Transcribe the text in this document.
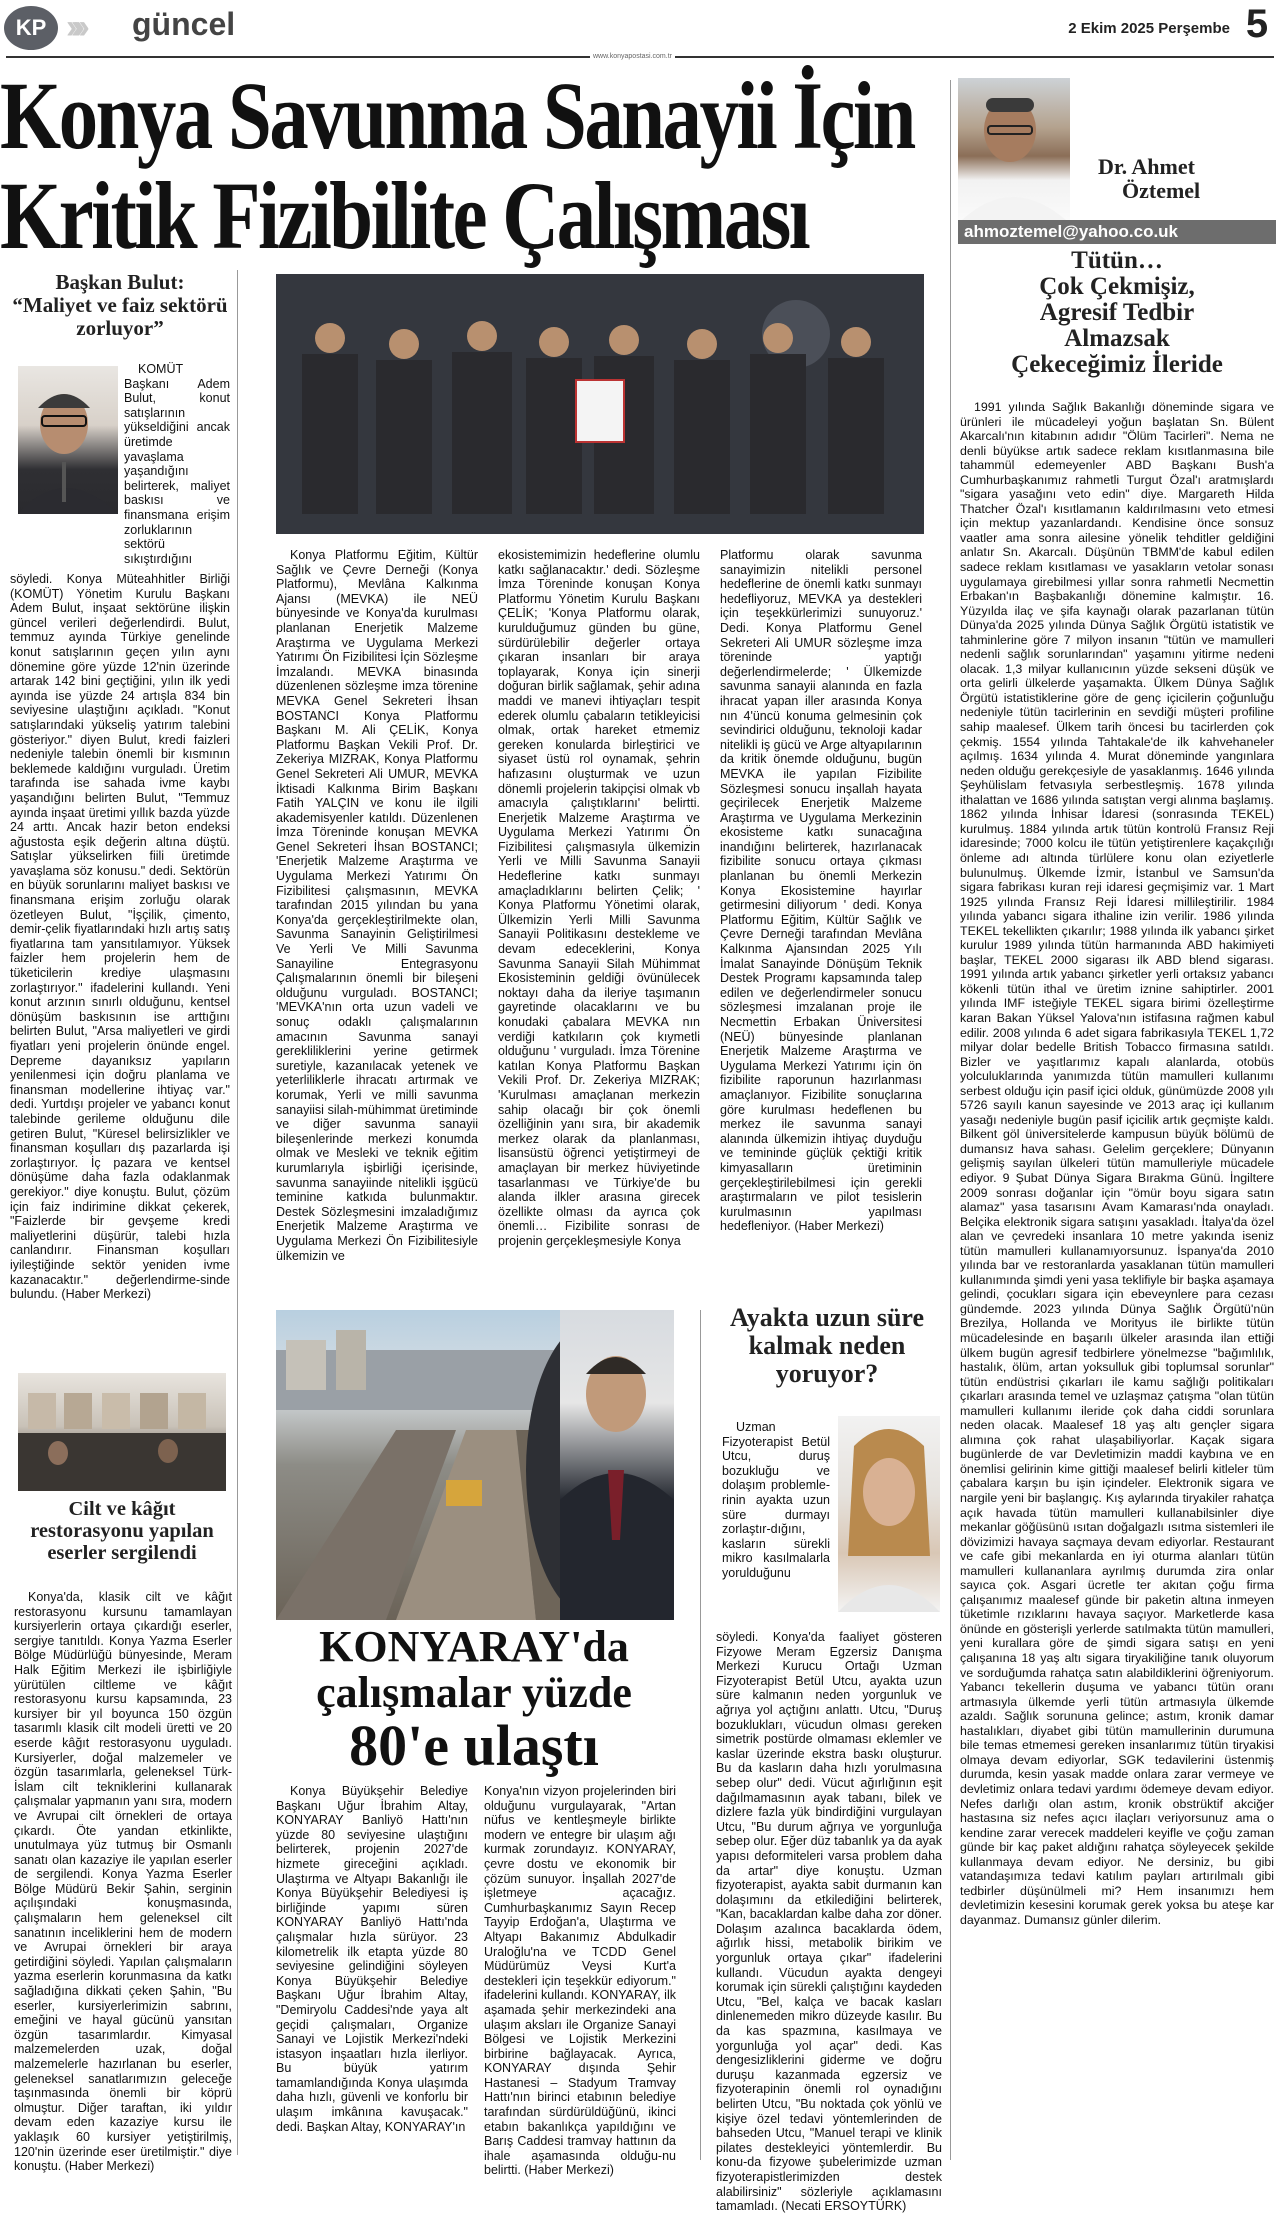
KP »»	güncel	2 Ekim 2025 Perşembe 5
www.konyapostasi.com.tr
Konya Savunma Sanayii İçin
Kritik Fizibilite Çalışması	Dr. Ahmet
Öztemel
ahmoztemel@yahoo.co.uk
Tütün…
Çok Çekmişiz,
Agresif Tedbir
Almazsak
Çekeceğimiz İleride

1991 yılında Sağlık Bakanlığı döneminde sigara ve ürünleri ile mücadeleyi yoğun başlatan Sn. Bülent Akarcalı'nın kitabının adıdır "Ölüm Tacirleri". Nema ne denli büyükse artık sadece reklam kısıtlanmasına bile tahammül edemeyenler ABD Başkanı Bush'a Cumhurbaşkanımız rahmetli Turgut Özal'ı aratmışlardı "sigara yasağını veto edin" diye. Margareth Hilda Thatcher Özal'ı kısıtlamanın kaldırılmasını veto etmesi için mektup yazanlardandı. Kendisine önce sonsuz vaatler ama sonra ailesine yönelik tehditler geldiğini anlatır Sn. Akarcalı. Düşünün TBMM'de kabul edilen sadece reklam kısıtlaması ve yasakların vetolar sonası uygulamaya girebilmesi yıllar sonra rahmetli Necmettin Erbakan'ın Başbakanlığı dönemine kalmıştır. 16. Yüzyılda ilaç ve şifa kaynağı olarak pazarlanan tütün Dünya'da 2025 yılında Dünya Sağlık Örgütü istatistik ve tahminlerine göre 7 milyon insanın "tütün ve mamulleri nedenli sağlık sorunlarından" yaşamını yitirme nedeni olacak. 1,3 milyar kullanıcının yüzde sekseni düşük ve orta gelirli ülkelerde yaşamakta. Ülkem Dünya Sağlık Örgütü istatistiklerine göre de genç içicilerin çoğunluğu nedeniyle tütün tacirlerinin en sevdiği müşteri profiline sahip maalesef. Ülkem tarih öncesi bu tacirlerden çok çekmiş. 1554 yılında Tahtakale'de ilk kahvehaneler açılmış. 1634 yılında 4. Murat döneminde yangınlara neden olduğu gerekçesiyle de yasaklanmış. 1646 yılında Şeyhülislam fetvasıyla serbestleşmiş. 1678 yılında ithalattan ve 1686 yılında satıştan vergi alınma başlamış. 1862 yılında İnhisar İdaresi (sonrasında TEKEL) kurulmuş. 1884 yılında artık tütün kontrolü Fransız Reji idaresinde; 7000 kolcu ile tütün yetiştirenlere kaçakçılığı önleme adı altında türlülere konu olan eziyetlerle bulunulmuş. Ülkemde İzmir, İstanbul ve Samsun'da sigara fabrikası kuran reji idaresi geçmişimiz var. 1 Mart 1925 yılında Fransız Reji İdaresi millileştirilir. 1984 yılında yabancı sigara ithaline izin verilir. 1986 yılında TEKEL tekellikten çıkarılır; 1988 yılında ilk yabancı şirket kurulur 1989 yılında tütün harmanında ABD hakimiyeti başlar, TEKEL 2000 sigarası ilk ABD blend sigarası. 1991 yılında artık yabancı şirketler yerli ortaksız yabancı kökenli tütün ithal ve üretim iznine sahiptirler. 2001 yılında IMF isteğiyle TEKEL sigara birimi özelleştirme karan Bakan Yüksel Yalova'nın istifasına rağmen kabul edilir. 2008 yılında 6 adet sigara fabrikasıyla TEKEL 1,72 milyar dolar bedelle British Tobacco firmasına satıldı. Bizler ve yaşıtlarımız kapalı alanlarda, otobüs yolculuklarında yanımızda tütün mamulleri kullanımı serbest olduğu için pasif içici olduk, günümüzde 2008 yılı 5726 sayılı kanun sayesinde ve 2013 araç içi kullanım yasağı nedeniyle bugün pasif içicilik artık geçmişte kaldı. Bilkent göl üniversitelerde kampusun büyük bölümü de dumansız hava sahası. Gelelim gerçeklere; Dünyanın gelişmiş sayılan ülkeleri tütün mamulleriyle mücadele ediyor. 9 Şubat Dünya Sigara Bırakma Günü. İngiltere 2009 sonrası doğanlar için "ömür boyu sigara satın alamaz" yasa tasarısını Avam Kamarası'nda onayladı. Belçika elektronik sigara satışını yasakladı. İtalya'da özel alan ve çevredeki insanlara 10 metre yakında iseniz tütün mamulleri kullanamıyorsunuz. İspanya'da 2010 yılında bar ve restoranlarda yasaklanan tütün mamulleri kullanımında şimdi yeni yasa teklifiyle bir başka aşamaya gelindi, çocukları sigara için ebeveynlere para cezası gündemde. 2023 yılında Dünya Sağlık Örgütü'nün Brezilya, Hollanda ve Morityus ile birlikte tütün mücadelesinde en başarılı ülkeler arasında ilan ettiği ülkem bugün agresif tedbirlere yönelmezse "bağımlılık, hastalık, ölüm, artan yoksulluk gibi toplumsal sorunlar" tütün endüstrisi çıkarları ile kamu sağlığı politikaları çıkarları arasında temel ve uzlaşmaz çatışma "olan tütün mamulleri kullanımı ileride çok daha ciddi sorunlara neden olacak. Maalesef 18 yaş altı gençler sigara alımına çok rahat ulaşabiliyorlar. Kaçak sigara bugünlerde de var Devletimizin maddi kaybına ve en önemlisi gelirinin kime gittiği maalesef belirli kitleler tüm çabalara karşın bu işin içindeler. Elektronik sigara ve nargile yeni bir başlangıç. Kış aylarında tiryakiler rahatça açık havada tütün mamulleri kullanabilsinler diye mekanlar göğüsünü ısıtan doğalgazlı ısıtma sistemleri ile dövizimizi havaya saçmaya devam ediyorlar. Restaurant ve cafe gibi mekanlarda en iyi oturma alanları tütün mamulleri kullananlara ayrılmış durumda zira onlar sayıca çok. Asgari ücretle ter akıtan çoğu firma çalışanımız maalesef günde bir paketin altına inmeyen tüketimle rızıklarını havaya saçıyor. Marketlerde kasa önünde en gösterişli yerlerde satılmakta tütün mamulleri, yeni kurallara göre de şimdi sigara satışı en yeni çalışanına 18 yaş altı sigara tiryakiliğine tanık oluyorum ve sorduğumda rahatça satın alabildiklerini öğreniyorum. Yabancı tekellerin duşuma ve yabancı tütün oranı artmasıyla ülkemde yerli tütün artmasıyla ülkemde azaldı. Sağlık sorununa gelince; astım, kronik damar hastalıkları, diyabet gibi tütün mamullerinin durumuna bile temas etmemesi gereken insanlarımız tütün tiryakisi olmaya devam ediyorlar, SGK tedavilerini üstenmiş durumda, kesin yasak madde onlara zarar vermeye ve devletimiz onlara tedavi yardımı ödemeye devam ediyor. Nefes darlığı olan astım, kronik obstrüktif akciğer hastasına siz nefes açıcı ilaçları veriyorsunuz ama o kendine zarar verecek maddeleri keyifle ve çoğu zaman günde bir kaç paket aldığını rahatça söyleyecek şekilde kullanmaya devam ediyor. Ne dersiniz, bu gibi vatandaşımıza tedavi katılım payları artırılmalı gibi tedbirler düşünülmeli mi? Hem insanımızı hem devletimizin kesesini korumak gerek yoksa bu ateşe kar dayanmaz. Dumansız günler dilerim.

Başkan Bulut:
“Maliyet ve faiz sektörü zorluyor”

KOMÜT Başkanı Adem Bulut, konut satışlarının yükseldiğini ancak üretimde yavaşlama yaşandığını belirterek, maliyet baskısı ve finansmana erişim zorluklarının sektörü sıkıştırdığını

söyledi. Konya Müteahhitler Birliği (KOMÜT) Yönetim Kurulu Başkanı Adem Bulut, inşaat sektörüne ilişkin güncel verileri değerlendirdi. Bulut, temmuz ayında Türkiye genelinde konut satışlarının geçen yılın aynı dönemine göre yüzde 12'nin üzerinde artarak 142 bini geçtiğini, yılın ilk yedi ayında ise yüzde 24 artışla 834 bin seviyesine ulaştığını açıkladı. "Konut satışlarındaki yükseliş yatırım talebini gösteriyor." diyen Bulut, kredi faizleri nedeniyle talebin önemli bir kısmının beklemede kaldığını vurguladı. Üretim tarafında ise sahada ivme kaybı yaşandığını belirten Bulut, "Temmuz ayında inşaat üretimi yıllık bazda yüzde 24 arttı. Ancak hazir beton endeksi ağustosta eşik değerin altına düştü. Satışlar yükselirken fiili üretimde yavaşlama söz konusu." dedi. Sektörün en büyük sorunlarını maliyet baskısı ve finansmana erişim zorluğu olarak özetleyen Bulut, "İşçilik, çimento, demir-çelik fiyatlarındaki hızlı artış satış fiyatlarına tam yansıtılamıyor. Yüksek faizler hem projelerin hem de tüketicilerin krediye ulaşmasını zorlaştırıyor." ifadelerini kullandı. Yeni konut arzının sınırlı olduğunu, kentsel dönüşüm baskısının ise arttığını belirten Bulut, "Arsa maliyetleri ve girdi fiyatları yeni projelerin önünde engel. Depreme dayanıksız yapıların yenilenmesi için doğru planlama ve finansman modellerine ihtiyaç var." dedi. Yurtdışı projeler ve yabancı konut talebinde gerileme olduğunu dile getiren Bulut, "Küresel belirsizlikler ve finansman koşulları dış pazarlarda işi zorlaştırıyor. İç pazara ve kentsel dönüşüme daha fazla odaklanmak gerekiyor." diye konuştu. Bulut, çözüm için faiz indirimine dikkat çekerek, "Faizlerde bir gevşeme kredi maliyetlerini düşürür, talebi hızla canlandırır. Finansman koşulları iyileştiğinde sektör yeniden ivme kazanacaktır." değerlendirme-sinde bulundu. (Haber Merkezi)

Cilt ve kâğıt restorasyonu yapılan eserler sergilendi

Konya'da, klasik cilt ve kâğıt restorasyonu kursunu tamamlayan kursiyerlerin ortaya çıkardığı eserler, sergiye tanıtıldı. Konya Yazma Eserler Bölge Müdürlüğü bünyesinde, Meram Halk Eğitim Merkezi ile işbirliğiyle yürütülen ciltleme ve kâğıt restorasyonu kursu kapsamında, 23 kursiyer bir yıl boyunca 150 özgün tasarımlı klasik cilt modeli üretti ve 20 eserde kâğıt restorasyonu uyguladı. Kursiyerler, doğal malzemeler ve özgün tasarımlarla, geleneksel Türk-İslam cilt tekniklerini kullanarak çalışmalar yapmanın yanı sıra, modern ve Avrupai cilt örnekleri de ortaya çıkardı. Öte yandan etkinlikte, unutulmaya yüz tutmuş bir Osmanlı sanatı olan kazaziye ile yapılan eserler de sergilendi. Konya Yazma Eserler Bölge Müdürü Bekir Şahin, serginin açılışındaki konuşmasında, çalışmaların hem geleneksel cilt sanatının inceliklerini hem de modern ve Avrupai örnekleri bir araya getirdiğini söyledi. Yapılan çalışmaların yazma eserlerin korunmasına da katkı sağladığına dikkati çeken Şahin, "Bu eserler, kursiyerlerimizin sabrını, emeğini ve hayal gücünü yansıtan özgün tasarımlardır. Kimyasal malzemelerden uzak, doğal malzemelerle hazırlanan bu eserler, geleneksel sanatlarımızın geleceğe taşınmasında önemli bir köprü olmuştur. Diğer taraftan, iki yıldır devam eden kazaziye kursu ile yaklaşık 60 kursiyer yetiştirilmiş, 120'nin üzerinde eser üretilmiştir." diye konuştu. (Haber Merkezi)

Konya Platformu Eğitim, Kültür Sağlık ve Çevre Derneği (Konya Platformu), Mevlâna Kalkınma Ajansı (MEVKA) ile NEÜ bünyesinde ve Konya'da kurulması planlanan Enerjetik Malzeme Araştırma ve Uygulama Merkezi Yatırımı Ön Fizibilitesi İçin Sözleşme İmzalandı. MEVKA binasında düzenlenen sözleşme imza törenine MEVKA Genel Sekreteri İhsan BOSTANCI Konya Platformu Başkanı M. Ali ÇELİK, Konya Platformu Başkan Vekili Prof. Dr. Zekeriya MIZRAK, Konya Platformu Genel Sekreteri Ali UMUR, MEVKA İktisadi Kalkınma Birim Başkanı Fatih YALÇIN ve konu ile ilgili akademisyenler katıldı. Düzenlenen İmza Töreninde konuşan MEVKA Genel Sekreteri İhsan BOSTANCI; 'Enerjetik Malzeme Araştırma ve Uygulama Merkezi Yatırımı Ön Fizibilitesi çalışmasının, MEVKA tarafından 2015 yılından bu yana Konya'da gerçekleştirilmekte olan, Savunma Sanayinin Geliştirilmesi Ve Yerli Ve Milli Savunma Sanayiline Entegrasyonu Çalışmalarının önemli bir bileşeni olduğunu vurguladı. BOSTANCI; 'MEVKA'nın orta uzun vadeli ve sonuç odaklı çalışmalarının amacının Savunma sanayi gerekliliklerini yerine getirmek suretiyle, kazanılacak yetenek ve yeterliliklerle ihracatı artırmak ve korumak, Yerli ve milli savunma sanayiisi silah-mühimmat üretiminde ve diğer savunma sanayii bileşenlerinde merkezi konumda olmak ve Mesleki ve teknik eğitim kurumlarıyla işbirliği içerisinde, savunma sanayiinde nitelikli işgücü teminine katkıda bulunmaktır. Destek Sözleşmesini imzaladığımız Enerjetik Malzeme Araştırma ve Uygulama Merkezi Ön Fizibilitesiyle ülkemizin ve

ekosistemimizin hedeflerine olumlu katkı sağlanacaktır.' dedi. Sözleşme İmza Töreninde konuşan Konya Platformu Yönetim Kurulu Başkanı ÇELİK; 'Konya Platformu olarak, kurulduğumuz günden bu güne, sürdürülebilir değerler ortaya çıkaran insanları bir araya toplayarak, Konya için sinerji doğuran birlik sağlamak, şehir adına maddi ve manevi ihtiyaçları tespit ederek olumlu çabaların tetikleyicisi olmak, ortak hareket etmemiz gereken konularda birleştirici ve siyaset üstü rol oynamak, şehrin hafızasını oluşturmak ve uzun dönemli projelerin takipçisi olmak vb amacıyla çalıştıklarını' belirtti. Enerjetik Malzeme Araştırma ve Uygulama Merkezi Yatırımı Ön Fizibilitesi çalışmasıyla ülkemizin Yerli ve Milli Savunma Sanayii Hedeflerine katkı sunmayı amaçladıklarını belirten Çelik; ' Konya Platformu Yönetimi olarak, Ülkemizin Yerli Milli Savunma Sanayii Politikasını destekleme ve devam edeceklerini, Konya Savunma Sanayii Silah Mühimmat Ekosisteminin geldiği övünülecek noktayı daha da ileriye taşımanın gayretinde olacaklarını ve bu konudaki çabalara MEVKA nın verdiği katkıların çok kıymetli olduğunu ' vurguladı. İmza Törenine katılan Konya Platformu Başkan Vekili Prof. Dr. Zekeriya MIZRAK; 'Kurulması amaçlanan merkezin sahip olacağı bir çok önemli özelliğinin yanı sıra, bir akademik merkez olarak da planlanması, lisansüstü öğrenci yetiştirmeyi de amaçlayan bir merkez hüviyetinde tasarlanması ve Türkiye'de bu alanda ilkler arasına girecek özellikte olması da ayrıca çok önemli… Fizibilite sonrası de projenin gerçekleşmesiyle Konya

Platformu olarak savunma sanayimizin nitelikli personel hedeflerine de önemli katkı sunmayı hedefliyoruz, MEVKA ya destekleri için teşekkürlerimizi sunuyoruz.' Dedi. Konya Platformu Genel Sekreteri Ali UMUR sözleşme imza töreninde yaptığı değerlendirmelerde; ' Ülkemizde savunma sanayii alanında en fazla ihracat yapan iller arasında Konya nın 4'üncü konuma gelmesinin çok sevindirici olduğunu, teknoloji kadar nitelikli iş gücü ve Arge altyapılarının da kritik önemde olduğunu, bugün MEVKA ile yapılan Fizibilite Sözleşmesi sonucu inşallah hayata geçirilecek Enerjetik Malzeme Araştırma ve Uygulama Merkezinin ekosisteme katkı sunacağına inandığını belirterek, hazırlanacak fizibilite sonucu ortaya çıkması planlanan bu önemli Merkezin Konya Ekosistemine hayırlar getirmesini diliyorum ' dedi. Konya Platformu Eğitim, Kültür Sağlık ve Çevre Derneği tarafından Mevlâna Kalkınma Ajansından 2025 Yılı İmalat Sanayinde Dönüşüm Teknik Destek Programı kapsamında talep edilen ve değerlendirmeler sonucu sözleşmesi imzalanan proje ile Necmettin Erbakan Üniversitesi (NEÜ) bünyesinde planlanan Enerjetik Malzeme Araştırma ve Uygulama Merkezi Yatırımı için ön fizibilite raporunun hazırlanması amaçlanıyor. Fizibilite sonuçlarına göre kurulması hedeflenen bu merkez ile savunma sanayi alanında ülkemizin ihtiyaç duyduğu ve temininde güçlük çektiği kritik kimyasalların üretiminin gerçekleştirilebilmesi için gerekli araştırmaların ve pilot tesislerin kurulmasının yapılması hedefleniyor. (Haber Merkezi)

KONYARAY'da
çalışmalar yüzde
80'e ulaştı

Konya Büyükşehir Belediye Başkanı Uğur İbrahim Altay, KONYARAY Banliyö Hattı'nın yüzde 80 seviyesine ulaştığını belirterek, projenin 2027'de hizmete gireceğini açıkladı. Ulaştırma ve Altyapı Bakanlığı ile Konya Büyükşehir Belediyesi iş birliğinde yapımı süren KONYARAY Banliyö Hattı'nda çalışmalar hızla sürüyor. 23 kilometrelik ilk etapta yüzde 80 seviyesine gelindiğini söyleyen Konya Büyükşehir Belediye Başkanı Uğur İbrahim Altay, "Demiryolu Caddesi'nde yaya alt geçidi çalışmaları, Organize Sanayi ve Lojistik Merkezi'ndeki istasyon inşaatları hızla ilerliyor. Bu büyük yatırım tamamlandığında Konya ulaşımda daha hızlı, güvenli ve konforlu bir ulaşım imkânına kavuşacak." dedi. Başkan Altay, KONYARAY'ın

Konya'nın vizyon projelerinden biri olduğunu vurgulayarak, "Artan nüfus ve kentleşmeyle birlikte modern ve entegre bir ulaşım ağı kurmak zorundayız. KONYARAY, çevre dostu ve ekonomik bir çözüm sunuyor. İnşallah 2027'de işletmeye açacağız. Cumhurbaşkanımız Sayın Recep Tayyip Erdoğan'a, Ulaştırma ve Altyapı Bakanımız Abdulkadir Uraloğlu'na ve TCDD Genel Müdürümüz Veysi Kurt'a destekleri için teşekkür ediyorum." ifadelerini kullandı. KONYARAY, ilk aşamada şehir merkezindeki ana ulaşım aksları ile Organize Sanayi Bölgesi ve Lojistik Merkezini birbirine bağlayacak. Ayrıca, KONYARAY dışında Şehir Hastanesi – Stadyum Tramvay Hattı'nın birinci etabının belediye tarafından sürdürüldüğünü, ikinci etabın bakanlıkça yapıldığını ve Barış Caddesi tramvay hattının da ihale aşamasında olduğu-nu belirtti. (Haber Merkezi)

Ayakta uzun süre kalmak neden yoruyor?

Uzman Fizyoterapist Betül Utcu, duruş bozukluğu ve dolaşım problemle-rinin ayakta uzun süre durmayı zorlaştır-dığını, kasların sürekli mikro kasılmalarla yorulduğunu

söyledi. Konya'da faaliyet gösteren Fizyowe Meram Egzersiz Danışma Merkezi Kurucu Ortağı Uzman Fizyoterapist Betül Utcu, ayakta uzun süre kalmanın neden yorgunluk ve ağrıya yol açtığını anlattı. Utcu, "Duruş bozuklukları, vücudun olması gereken simetrik postürde olmaması eklemler ve kaslar üzerinde ekstra baskı oluşturur. Bu da kasların daha hızlı yorulmasına sebep olur" dedi. Vücut ağırlığının eşit dağılmamasının ayak tabanı, bilek ve dizlere fazla yük bindirdiğini vurgulayan Utcu, "Bu durum ağrıya ve yorgunluğa sebep olur. Eğer düz tabanlık ya da ayak yapısı deformiteleri varsa problem daha da artar" diye konuştu. Uzman fizyoterapist, ayakta sabit durmanın kan dolaşımını da etkilediğini belirterek, "Kan, bacaklardan kalbe daha zor döner. Dolaşım azalınca bacaklarda ödem, ağırlık hissi, metabolik birikim ve yorgunluk ortaya çıkar" ifadelerini kullandı. Vücudun ayakta dengeyi korumak için sürekli çalıştığını kaydeden Utcu, "Bel, kalça ve bacak kasları dinlenemeden mikro düzeyde kasılır. Bu da kas spazmına, kasılmaya ve yorgunluğa yol açar" dedi. Kas dengesizliklerini giderme ve doğru duruşu kazanmada egzersiz ve fizyoterapinin önemli rol oynadığını belirten Utcu, "Bu noktada çok yönlü ve kişiye özel tedavi yöntemlerinden de bahseden Utcu, "Manuel terapi ve klinik pilates destekleyici yöntemlerdir. Bu konu-da fizyowe şubelerimizde uzman fizyoterapistlerimizden destek alabilirsiniz" sözleriyle açıklamasını tamamladı. (Necati ERSOYTÜRK)
